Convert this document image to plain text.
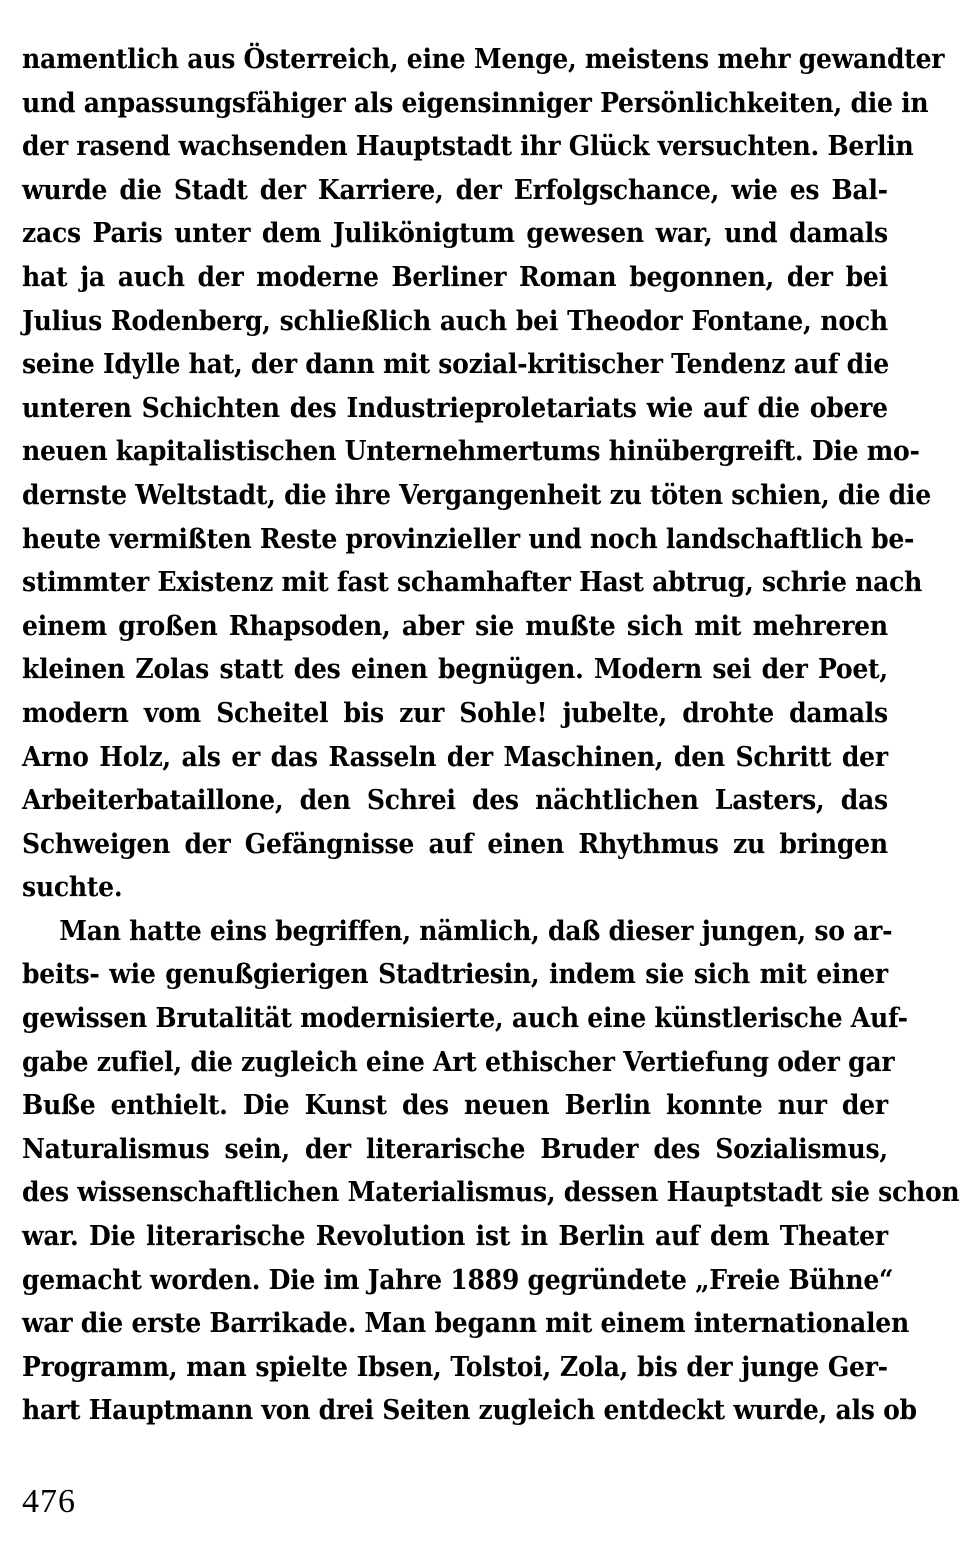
namentlich aus Österreich, eine Menge, meistens mehr gewandter
und anpassungsfähiger als eigensinniger Persönlichkeiten, die in
der rasend wachsenden Hauptstadt ihr Glück versuchten. Berlin
wurde die Stadt der Karriere, der Erfolgschance, wie es Bal-
zacs Paris unter dem Julikönigtum gewesen war, und damals
hat ja auch der moderne Berliner Roman begonnen, der bei
Julius Rodenberg, schließlich auch bei Theodor Fontane, noch
seine Idylle hat, der dann mit sozial-kritischer Tendenz auf die
unteren Schichten des Industrieproletariats wie auf die obere
neuen kapitalistischen Unternehmertums hinübergreift. Die mo-
dernste Weltstadt, die ihre Vergangenheit zu töten schien, die die
heute vermißten Reste provinzieller und noch landschaftlich be-
stimmter Existenz mit fast schamhafter Hast abtrug, schrie nach
einem großen Rhapsoden, aber sie mußte sich mit mehreren
kleinen Zolas statt des einen begnügen. Modern sei der Poet,
modern vom Scheitel bis zur Sohle! jubelte, drohte damals
Arno Holz, als er das Rasseln der Maschinen, den Schritt der
Arbeiterbataillone, den Schrei des nächtlichen Lasters, das
Schweigen der Gefängnisse auf einen Rhythmus zu bringen
suchte.
Man hatte eins begriffen, nämlich, daß dieser jungen, so ar-
beits- wie genußgierigen Stadtriesin, indem sie sich mit einer
gewissen Brutalität modernisierte, auch eine künstlerische Auf-
gabe zufiel, die zugleich eine Art ethischer Vertiefung oder gar
Buße enthielt. Die Kunst des neuen Berlin konnte nur der
Naturalismus sein, der literarische Bruder des Sozialismus,
des wissenschaftlichen Materialismus, dessen Hauptstadt sie schon
war. Die literarische Revolution ist in Berlin auf dem Theater
gemacht worden. Die im Jahre 1889 gegründete „Freie Bühne“
war die erste Barrikade. Man begann mit einem internationalen
Programm, man spielte Ibsen, Tolstoi, Zola, bis der junge Ger-
hart Hauptmann von drei Seiten zugleich entdeckt wurde, als ob
476
